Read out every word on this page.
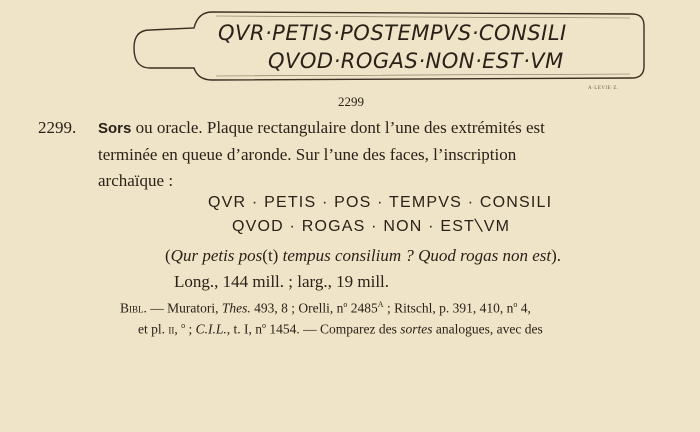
QVR·PETIS·POSTEMPVS·CONSILI
QVOD·ROGAS·NON·EST·VM
A·LEVIE·Z.
2299
2299. Sors ou oracle. Plaque rectangulaire dont l’une des extrémités est
terminée en queue d’aronde. Sur l’une des faces, l’inscription
archaïque :
QVR · PETIS · POS · TEMPVS · CONSILI
QVOD · ROGAS · NON · EST\VM
(Qur petis pos(t) tempus consilium ? Quod rogas non est).
Long., 144 mill. ; larg., 19 mill.
Bibl. — Muratori, Thes. 493, 8 ; Orelli, $n^o$ $2485^A$ ; Ritschl, p. 391, 410, $n^o$ 4,
et pl. ii, $^o$ ; C.I.L., t. I, $n^o$ 1454. — Comparez des sortes analogues, avec des
